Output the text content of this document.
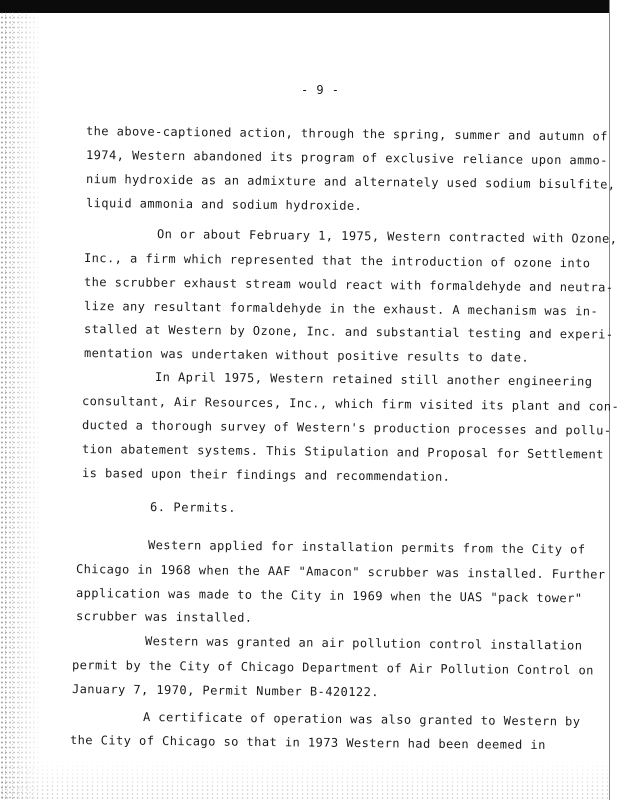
- 9 -
the above-captioned action, through the spring, summer and autumn of
1974, Western abandoned its program of exclusive reliance upon ammo-
nium hydroxide as an admixture and alternately used sodium bisulfite,
liquid ammonia and sodium hydroxide.
On or about February 1, 1975, Western contracted with Ozone,
Inc., a firm which represented that the introduction of ozone into
the scrubber exhaust stream would react with formaldehyde and neutra-
lize any resultant formaldehyde in the exhaust. A mechanism was in-
stalled at Western by Ozone, Inc. and substantial testing and experi-
mentation was undertaken without positive results to date.
In April 1975, Western retained still another engineering
consultant, Air Resources, Inc., which firm visited its plant and con-
ducted a thorough survey of Western's production processes and pollu-
tion abatement systems. This Stipulation and Proposal for Settlement
is based upon their findings and recommendation.
6. Permits.
Western applied for installation permits from the City of
Chicago in 1968 when the AAF "Amacon" scrubber was installed. Further
application was made to the City in 1969 when the UAS "pack tower"
scrubber was installed.
Western was granted an air pollution control installation
permit by the City of Chicago Department of Air Pollution Control on
January 7, 1970, Permit Number B-420122.
A certificate of operation was also granted to Western by
the City of Chicago so that in 1973 Western had been deemed in
